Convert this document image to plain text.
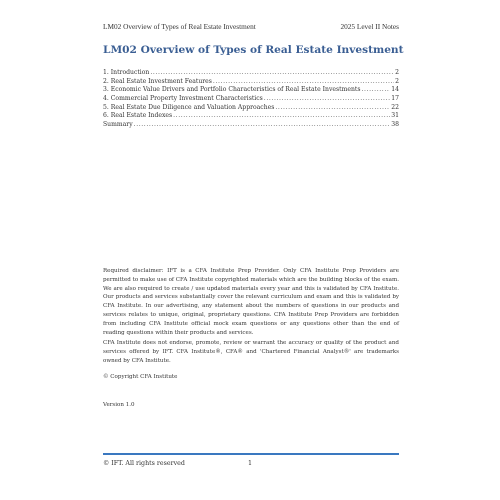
LM02 Overview of Types of Real Estate Investment	2025 Level II Notes
LM02 Overview of Types of Real Estate Investment
1. Introduction .....	2
2. Real Estate Investment Features .....	2
3. Economic Value Drivers and Portfolio Characteristics of Real Estate Investments .....	14
4. Commercial Property Investment Characteristics .....	17
5. Real Estate Due Diligence and Valuation Approaches .....	22
6. Real Estate Indexes .....	31
Summary .....	38
Required disclaimer: IFT is a CFA Institute Prep Provider. Only CFA Institute Prep Providers are permitted to make use of CFA Institute copyrighted materials which are the building blocks of the exam. We are also required to create / use updated materials every year and this is validated by CFA Institute. Our products and services substantially cover the relevant curriculum and exam and this is validated by CFA Institute. In our advertising, any statement about the numbers of questions in our products and services relates to unique, original, proprietary questions. CFA Institute Prep Providers are forbidden from including CFA Institute official mock exam questions or any questions other than the end of reading questions within their products and services.
CFA Institute does not endorse, promote, review or warrant the accuracy or quality of the product and services offered by IFT. CFA Institute®, CFA® and 'Chartered Financial Analyst®' are trademarks owned by CFA Institute.
© Copyright CFA Institute
Version 1.0
© IFT. All rights reserved	1
